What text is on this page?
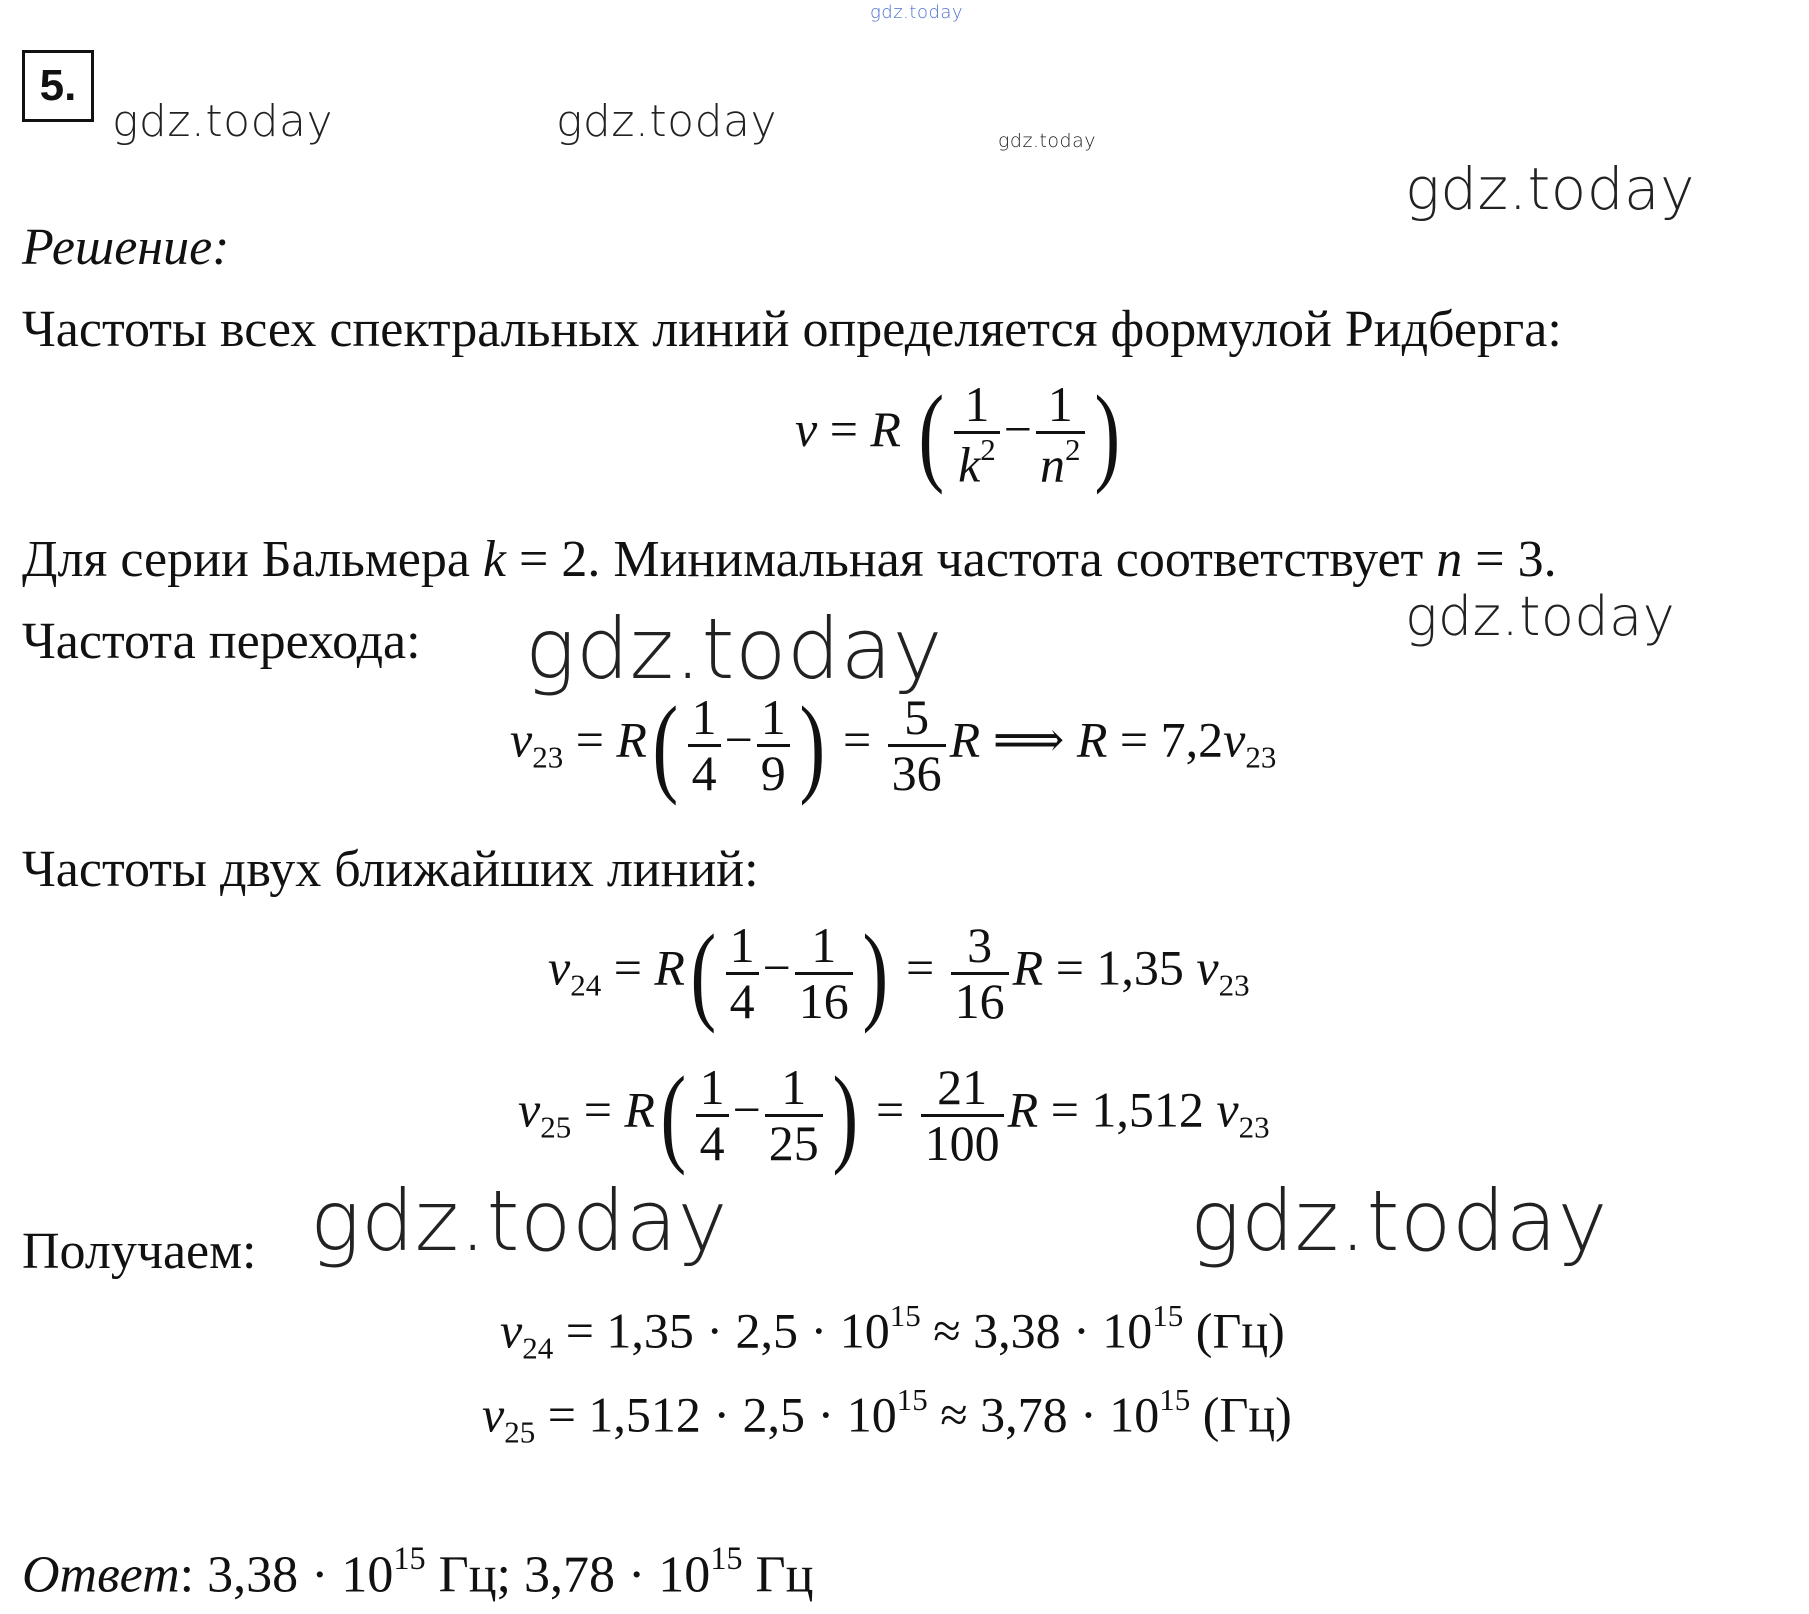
gdz.today
gdz.today	gdz.today	gdz.today
gdz.today
gdz.today
gdz.today
gdz.today	gdz.today
5.
Решение:
Частоты всех спектральных линий определяется формулой Ридберга:
ν = R ( $\frac{1}{k^2} - \frac{1}{n^2}$ )
Для серии Бальмера k = 2. Минимальная частота соответствует n = 3.
Частота перехода:
$\nu_{23} = R( \frac{1}{4} - \frac{1}{9}$ ) = $\frac{5}{36}$ R ⟹ $R = 7,2\nu_{23}$
Частоты двух ближайших линий:
$\nu_{24} = R( \frac{1}{4} - \frac{1}{16}$ ) = $\frac{3}{16}$ R = 1,35 $\nu_{23}$
$\nu_{25} = R( \frac{1}{4} - \frac{1}{25}$ ) = $\frac{21}{100}$ R = 1,512 $\nu_{23}$
Получаем:
$\nu_{24} = 1,35 \cdot 2,5 \cdot 10^{15} \approx 3,38 \cdot 10^{15}$ (Гц)
$\nu_{25} = 1,512 \cdot 2,5 \cdot 10^{15} \approx 3,78 \cdot 10^{15}$ (Гц)
Ответ: $3,38 \cdot 10^{15}$ Гц; $3,78 \cdot 10^{15}$ Гц
